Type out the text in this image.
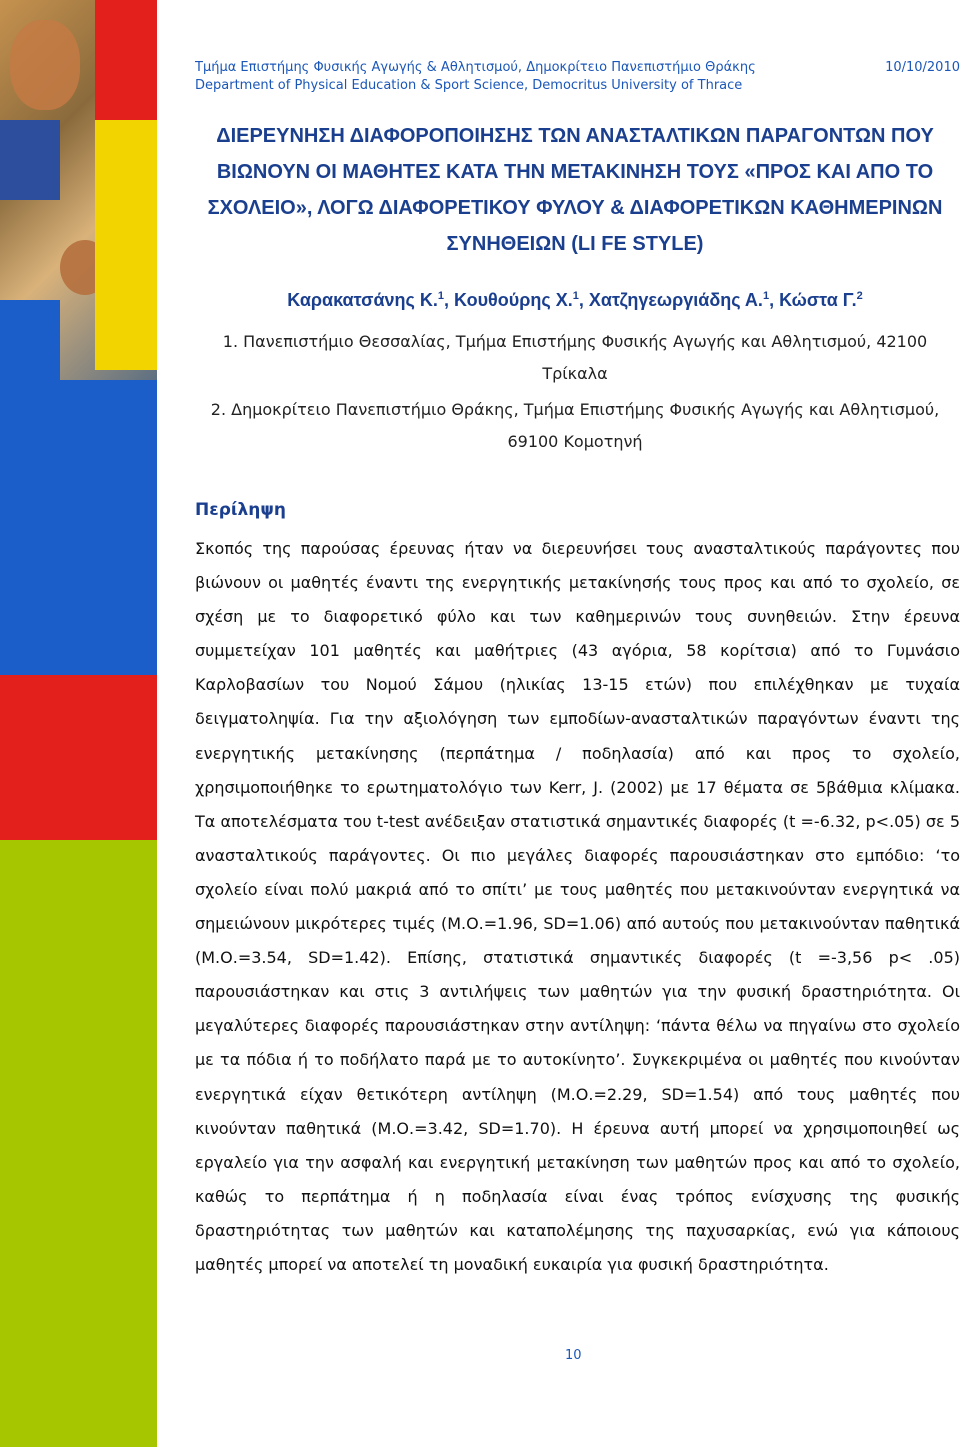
Τμήμα Επιστήμης Φυσικής Αγωγής & Αθλητισμού, Δημοκρίτειο Πανεπιστήμιο Θράκης
Department of Physical Education & Sport Science, Democritus University of Thrace
10/10/2010
ΔΙΕΡΕΥΝΗΣΗ ΔΙΑΦΟΡΟΠΟΙΗΣΗΣ ΤΩΝ ΑΝΑΣΤΑΛΤΙΚΩΝ ΠΑΡΑΓΟΝΤΩΝ ΠΟΥ ΒΙΩΝΟΥΝ ΟΙ ΜΑΘΗΤΕΣ ΚΑΤΑ ΤΗΝ ΜΕΤΑΚΙΝΗΣΗ ΤΟΥΣ «ΠΡΟΣ ΚΑΙ ΑΠΟ ΤΟ ΣΧΟΛΕΙΟ», ΛΟΓΩ ΔΙΑΦΟΡΕΤΙΚΟΥ ΦΥΛΟΥ & ΔΙΑΦΟΡΕΤΙΚΩΝ ΚΑΘΗΜΕΡΙΝΩΝ ΣΥΝΗΘΕΙΩΝ (LI FE STYLE)
Καρακατσάνης Κ.$^1$, Κουθούρης Χ.$^1$, Χατζηγεωργιάδης Α.$^1$, Κώστα Γ.$^2$
1. Πανεπιστήμιο Θεσσαλίας, Τμήμα Επιστήμης Φυσικής Αγωγής και Αθλητισμού, 42100
Τρίκαλα
2. Δημοκρίτειο Πανεπιστήμιο Θράκης, Τμήμα Επιστήμης Φυσικής Αγωγής και Αθλητισμού,
69100 Κομοτηνή
Περίληψη
Σκοπός της παρούσας έρευνας ήταν να διερευνήσει τους ανασταλτικούς παράγοντες που βιώνουν οι μαθητές έναντι της ενεργητικής μετακίνησής τους προς και από το σχολείο, σε σχέση με το διαφορετικό φύλο και των καθημερινών τους συνηθειών. Στην έρευνα συμμετείχαν 101 μαθητές και μαθήτριες (43 αγόρια, 58 κορίτσια) από το Γυμνάσιο Καρλοβασίων του Νομού Σάμου (ηλικίας 13-15 ετών) που επιλέχθηκαν με τυχαία δειγματοληψία. Για την αξιολόγηση των εμποδίων-ανασταλτικών παραγόντων έναντι της ενεργητικής μετακίνησης (περπάτημα / ποδηλασία) από και προς το σχολείο, χρησιμοποιήθηκε το ερωτηματολόγιο των Kerr, J. (2002) με 17 θέματα σε 5βάθμια κλίμακα. Τα αποτελέσματα του t-test ανέδειξαν στατιστικά σημαντικές διαφορές (t =-6.32, p<.05) σε 5 ανασταλτικούς παράγοντες. Οι πιο μεγάλες διαφορές παρουσιάστηκαν στο εμπόδιο: ‘το σχολείο είναι πολύ μακριά από το σπίτι’ με τους μαθητές που μετακινούνταν ενεργητικά να σημειώνουν μικρότερες τιμές (Μ.Ο.=1.96, SD=1.06) από αυτούς που μετακινούνταν παθητικά (Μ.Ο.=3.54, SD=1.42). Επίσης, στατιστικά σημαντικές διαφορές (t =-3,56 p< .05) παρουσιάστηκαν και στις 3 αντιλήψεις των μαθητών για την φυσική δραστηριότητα. Οι μεγαλύτερες διαφορές παρουσιάστηκαν στην αντίληψη: ‘πάντα θέλω να πηγαίνω στο σχολείο με τα πόδια ή το ποδήλατο παρά με το αυτοκίνητο’. Συγκεκριμένα οι μαθητές που κινούνταν ενεργητικά είχαν θετικότερη αντίληψη (Μ.Ο.=2.29, SD=1.54) από τους μαθητές που κινούνταν παθητικά (Μ.Ο.=3.42, SD=1.70). Η έρευνα αυτή μπορεί να χρησιμοποιηθεί ως εργαλείο για την ασφαλή και ενεργητική μετακίνηση των μαθητών προς και από το σχολείο, καθώς το περπάτημα ή η ποδηλασία είναι ένας τρόπος ενίσχυσης της φυσικής δραστηριότητας των μαθητών και καταπολέμησης της παχυσαρκίας, ενώ για κάποιους μαθητές μπορεί να αποτελεί τη μοναδική ευκαιρία για φυσική δραστηριότητα.
10
